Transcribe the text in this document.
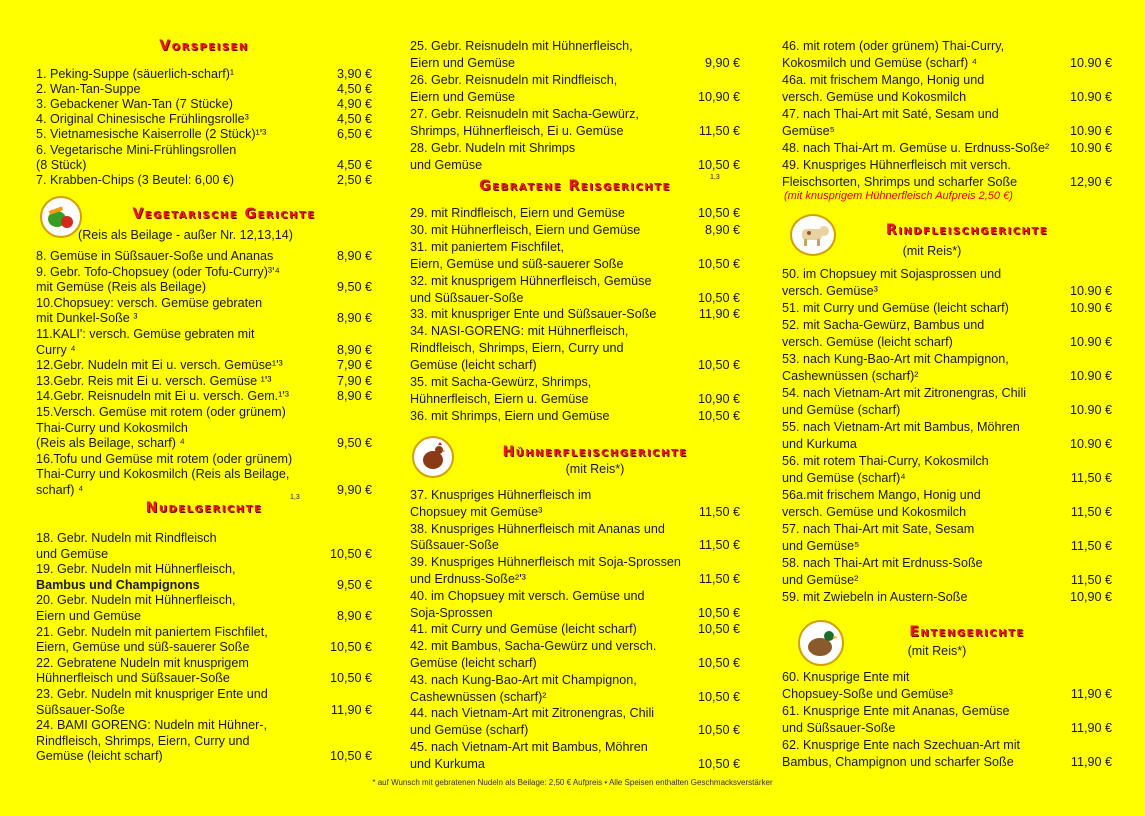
Vorspeisen
1. Peking-Suppe (säuerlich-scharf)¹	3,90 €
2. Wan-Tan-Suppe	4,50 €
3. Gebackener Wan-Tan (7 Stücke)	4,90 €
4. Original Chinesische Frühlingsrolle³	4,50 €
5. Vietnamesische Kaiserrolle (2 Stück)¹'³	6,50 €
6. Vegetarische Mini-Frühlingsrollen
(8 Stück)	4,50 €
7. Krabben-Chips (3 Beutel: 6,00 €)	2,50 €
Vegetarische Gerichte
(Reis als Beilage - außer Nr. 12,13,14)
8. Gemüse in Süßsauer-Soße und Ananas	8,90 €
9. Gebr. Tofo-Chopsuey (oder Tofu-Curry)³'⁴
mit Gemüse (Reis als Beilage)	9,50 €
10.Chopsuey: versch. Gemüse gebraten
mit Dunkel-Soße ³	8,90 €
11.KALI': versch. Gemüse gebraten mit
Curry ⁴	8,90 €
12.Gebr. Nudeln mit Ei u. versch. Gemüse¹'³	7,90 €
13.Gebr. Reis mit Ei u. versch. Gemüse ¹'³	7,90 €
14.Gebr. Reisnudeln mit Ei u. versch. Gem.¹'³	8,90 €
15.Versch. Gemüse mit rotem (oder grünem)
Thai-Curry und Kokosmilch
(Reis als Beilage, scharf) ⁴	9,50 €
16.Tofu und Gemüse mit rotem (oder grünem)
Thai-Curry und Kokosmilch (Reis als Beilage,
scharf) ⁴	9,90 €
Nudelgerichte
1,3
18. Gebr. Nudeln mit Rindfleisch
und Gemüse	10,50 €
19. Gebr. Nudeln mit Hühnerfleisch,
Bambus und Champignons	9,50 €
20. Gebr. Nudeln mit Hühnerfleisch,
Eiern und Gemüse	8,90 €
21. Gebr. Nudeln mit paniertem Fischfilet,
Eiern, Gemüse und süß-sauerer Soße	10,50 €
22. Gebratene Nudeln mit knusprigem
Hühnerfleisch und Süßsauer-Soße	10,50 €
23. Gebr. Nudeln mit knuspriger Ente und
Süßsauer-Soße	11,90 €
24. BAMI GORENG: Nudeln mit Hühner-,
Rindfleisch, Shrimps, Eiern, Curry und
Gemüse (leicht scharf)	10,50 €
25. Gebr. Reisnudeln mit Hühnerfleisch,
Eiern und Gemüse	9,90 €
26. Gebr. Reisnudeln mit Rindfleisch,
Eiern und Gemüse	10,90 €
27. Gebr. Reisnudeln mit Sacha-Gewürz,
Shrimps, Hühnerfleisch, Ei u. Gemüse	11,50 €
28. Gebr. Nudeln mit Shrimps
und Gemüse	10,50 €
Gebratene Reisgerichte
1,3
29. mit Rindfleisch, Eiern und Gemüse	10,50 €
30. mit Hühnerfleisch, Eiern und Gemüse	8,90 €
31. mit paniertem Fischfilet,
Eiern, Gemüse und süß-sauerer Soße	10,50 €
32. mit knusprigem Hühnerfleisch, Gemüse
und Süßsauer-Soße	10,50 €
33. mit knuspriger Ente und Süßsauer-Soße	11,90 €
34. NASI-GORENG: mit Hühnerfleisch,
Rindfleisch, Shrimps, Eiern, Curry und
Gemüse (leicht scharf)	10,50 €
35. mit Sacha-Gewürz, Shrimps,
Hühnerfleisch, Eiern u. Gemüse	10,90 €
36. mit Shrimps, Eiern und Gemüse	10,50 €
Hühnerfleischgerichte
(mit Reis*)
37. Knuspriges Hühnerfleisch im
Chopsuey mit Gemüse³	11,50 €
38. Knuspriges Hühnerfleisch mit Ananas und
Süßsauer-Soße	11,50 €
39. Knuspriges Hühnerfleisch mit Soja-Sprossen
und Erdnuss-Soße²'³	11,50 €
40. im Chopsuey mit versch. Gemüse und
Soja-Sprossen	10,50 €
41. mit Curry und Gemüse (leicht scharf)	10,50 €
42. mit Bambus, Sacha-Gewürz und versch.
Gemüse (leicht scharf)	10,50 €
43. nach Kung-Bao-Art mit Champignon,
Cashewnüssen (scharf)²	10,50 €
44. nach Vietnam-Art mit Zitronengras, Chili
und Gemüse (scharf)	10,50 €
45. nach Vietnam-Art mit Bambus, Möhren
und Kurkuma	10,50 €
46. mit rotem (oder grünem) Thai-Curry,
Kokosmilch und Gemüse (scharf) ⁴	10.90 €
46a. mit frischem Mango, Honig und
versch. Gemüse und Kokosmilch	10.90 €
47. nach Thai-Art mit Saté, Sesam und
Gemüse⁵	10.90 €
48. nach Thai-Art m. Gemüse u. Erdnuss-Soße² 10.90 €
49. Knuspriges Hühnerfleisch mit versch.
Fleischsorten, Shrimps und scharfer Soße	12,90 €
(mit knusprigem Hühnerfleisch Aufpreis 2,50 €)
Rindfleischgerichte
(mit Reis*)
50. im Chopsuey mit Sojasprossen und
versch. Gemüse³	10.90 €
51. mit Curry und Gemüse (leicht scharf)	10.90 €
52. mit Sacha-Gewürz, Bambus und
versch. Gemüse (leicht scharf)	10.90 €
53. nach Kung-Bao-Art mit Champignon,
Cashewnüssen (scharf)²	10.90 €
54. nach Vietnam-Art mit Zitronengras, Chili
und Gemüse (scharf)	10.90 €
55. nach Vietnam-Art mit Bambus, Möhren
und Kurkuma	10.90 €
56. mit rotem Thai-Curry, Kokosmilch
und Gemüse (scharf)⁴	11,50 €
56a.mit frischem Mango, Honig und
versch. Gemüse und Kokosmilch	11,50 €
57. nach Thai-Art mit Sate, Sesam
und Gemüse⁵	11,50 €
58. nach Thai-Art mit Erdnuss-Soße
und Gemüse²	11,50 €
59. mit Zwiebeln in Austern-Soße	10,90 €
Entengerichte
(mit Reis*)
60. Knusprige Ente mit
Chopsuey-Soße und Gemüse³	11,90 €
61. Knusprige Ente mit Ananas, Gemüse
und Süßsauer-Soße	11,90 €
62. Knusprige Ente nach Szechuan-Art mit
Bambus, Champignon und scharfer Soße	11,90 €
* auf Wunsch mit gebratenen Nudeln als Beilage: 2,50 € Aufpreis • Alle Speisen enthalten Geschmacksverstärker
